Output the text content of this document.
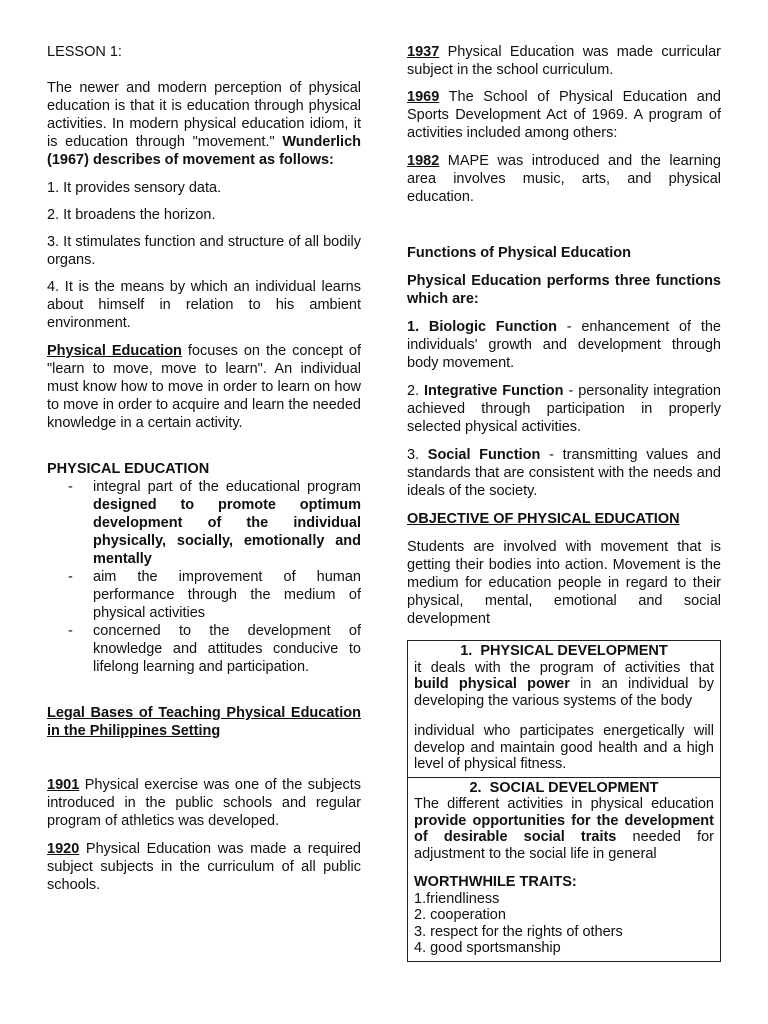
LESSON 1:

The newer and modern perception of physical education is that it is education through physical activities. In modern physical education idiom, it is education through "movement." Wunderlich (1967) describes of movement as follows:

1. It provides sensory data.

2. It broadens the horizon.

3. It stimulates function and structure of all bodily organs.

4. It is the means by which an individual learns about himself in relation to his ambient environment.

Physical Education focuses on the concept of "learn to move, move to learn". An individual must know how to move in order to learn on how to move in order to acquire and learn the needed knowledge in a certain activity.

PHYSICAL EDUCATION

- integral part of the educational program designed to promote optimum development of the individual physically, socially, emotionally and mentally
- aim the improvement of human performance through the medium of physical activities
- concerned to the development of knowledge and attitudes conducive to lifelong learning and participation.

Legal Bases of Teaching Physical Education in the Philippines Setting

1901 Physical exercise was one of the subjects introduced in the public schools and regular program of athletics was developed.

1920 Physical Education was made a required subject subjects in the curriculum of all public schools.

1937 Physical Education was made curricular subject in the school curriculum.

1969 The School of Physical Education and Sports Development Act of 1969. A program of activities included among others:

1982 MAPE was introduced and the learning area involves music, arts, and physical education.

Functions of Physical Education

Physical Education performs three functions which are:

1. Biologic Function - enhancement of the individuals' growth and development through body movement.

2. Integrative Function - personality integration achieved through participation in properly selected physical activities.

3. Social Function - transmitting values and standards that are consistent with the needs and ideals of the society.

OBJECTIVE OF PHYSICAL EDUCATION

Students are involved with movement that is getting their bodies into action. Movement is the medium for education people in regard to their physical, mental, emotional and social development

1. PHYSICAL DEVELOPMENT

it deals with the program of activities that build physical power in an individual by developing the various systems of the body

individual who participates energetically will develop and maintain good health and a high level of physical fitness.

2. SOCIAL DEVELOPMENT

The different activities in physical education provide opportunities for the development of desirable social traits needed for adjustment to the social life in general

WORTHWHILE TRAITS:

1.friendliness

2. cooperation

3. respect for the rights of others

4. good sportsmanship
